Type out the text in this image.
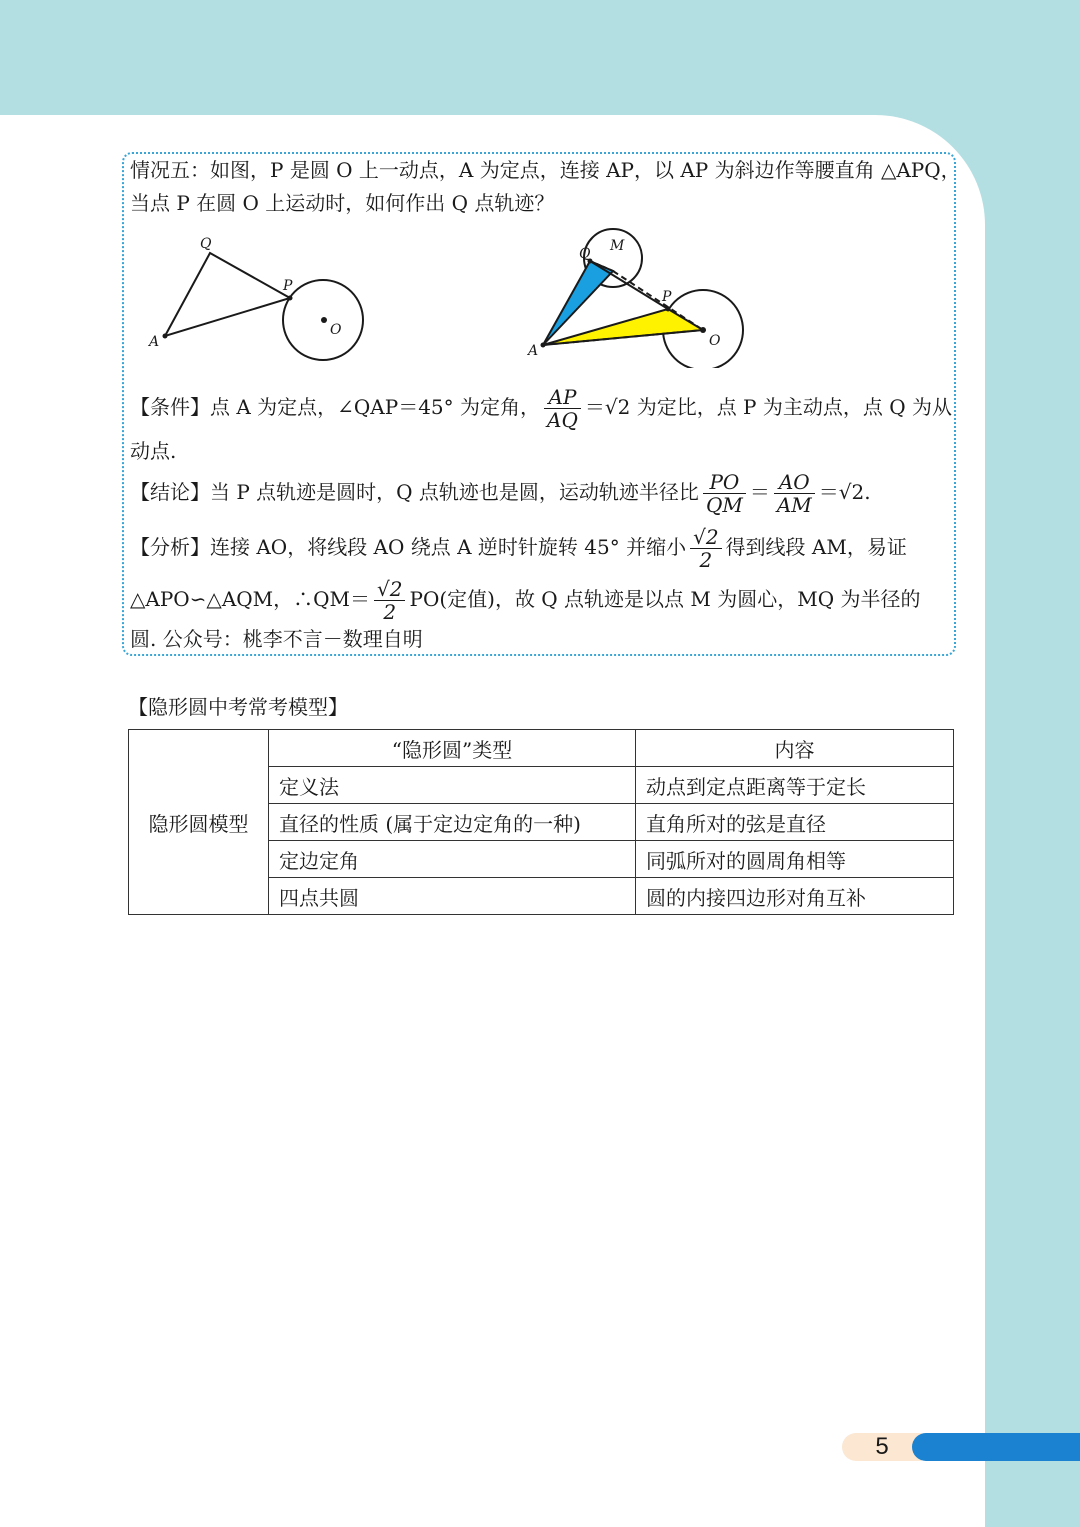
情况五：如图，P 是圆 O 上一动点，A 为定点，连接 AP，以 AP 为斜边作等腰直角 △APQ，
当点 P 在圆 O 上运动时，如何作出 Q 点轨迹？
Q
P
A
O
Q M
P
A
O
【条件】点 A 为定点，∠QAP＝45° 为定角， $\frac{AP}{AQ} =√2$ 为定比，点 P 为主动点，点 Q 为从
动点.
【结论】当 P 点轨迹是圆时，Q 点轨迹也是圆，运动轨迹半径比 $\frac{PO}{QM} = \frac{AO}{AM} =√2$.
【分析】连接 AO，将线段 AO 绕点 A 逆时针旋转 45° 并缩小 $\frac{√2}{2}$ 得到线段 AM，易证
△APO∽△AQM，∴QM＝ $\frac{√2}{2} PO$(定值)，故 Q 点轨迹是以点 M 为圆心，MQ 为半径的
圆. 公众号：桃李不言－数理自明
【隐形圆中考常考模型】
隐形圆模型	“隐形圆”类型	内容
	定义法	动点到定点距离等于定长
	直径的性质 (属于定边定角的一种)	直角所对的弦是直径
	定边定角	同弧所对的圆周角相等
	四点共圆	圆的内接四边形对角互补
5
